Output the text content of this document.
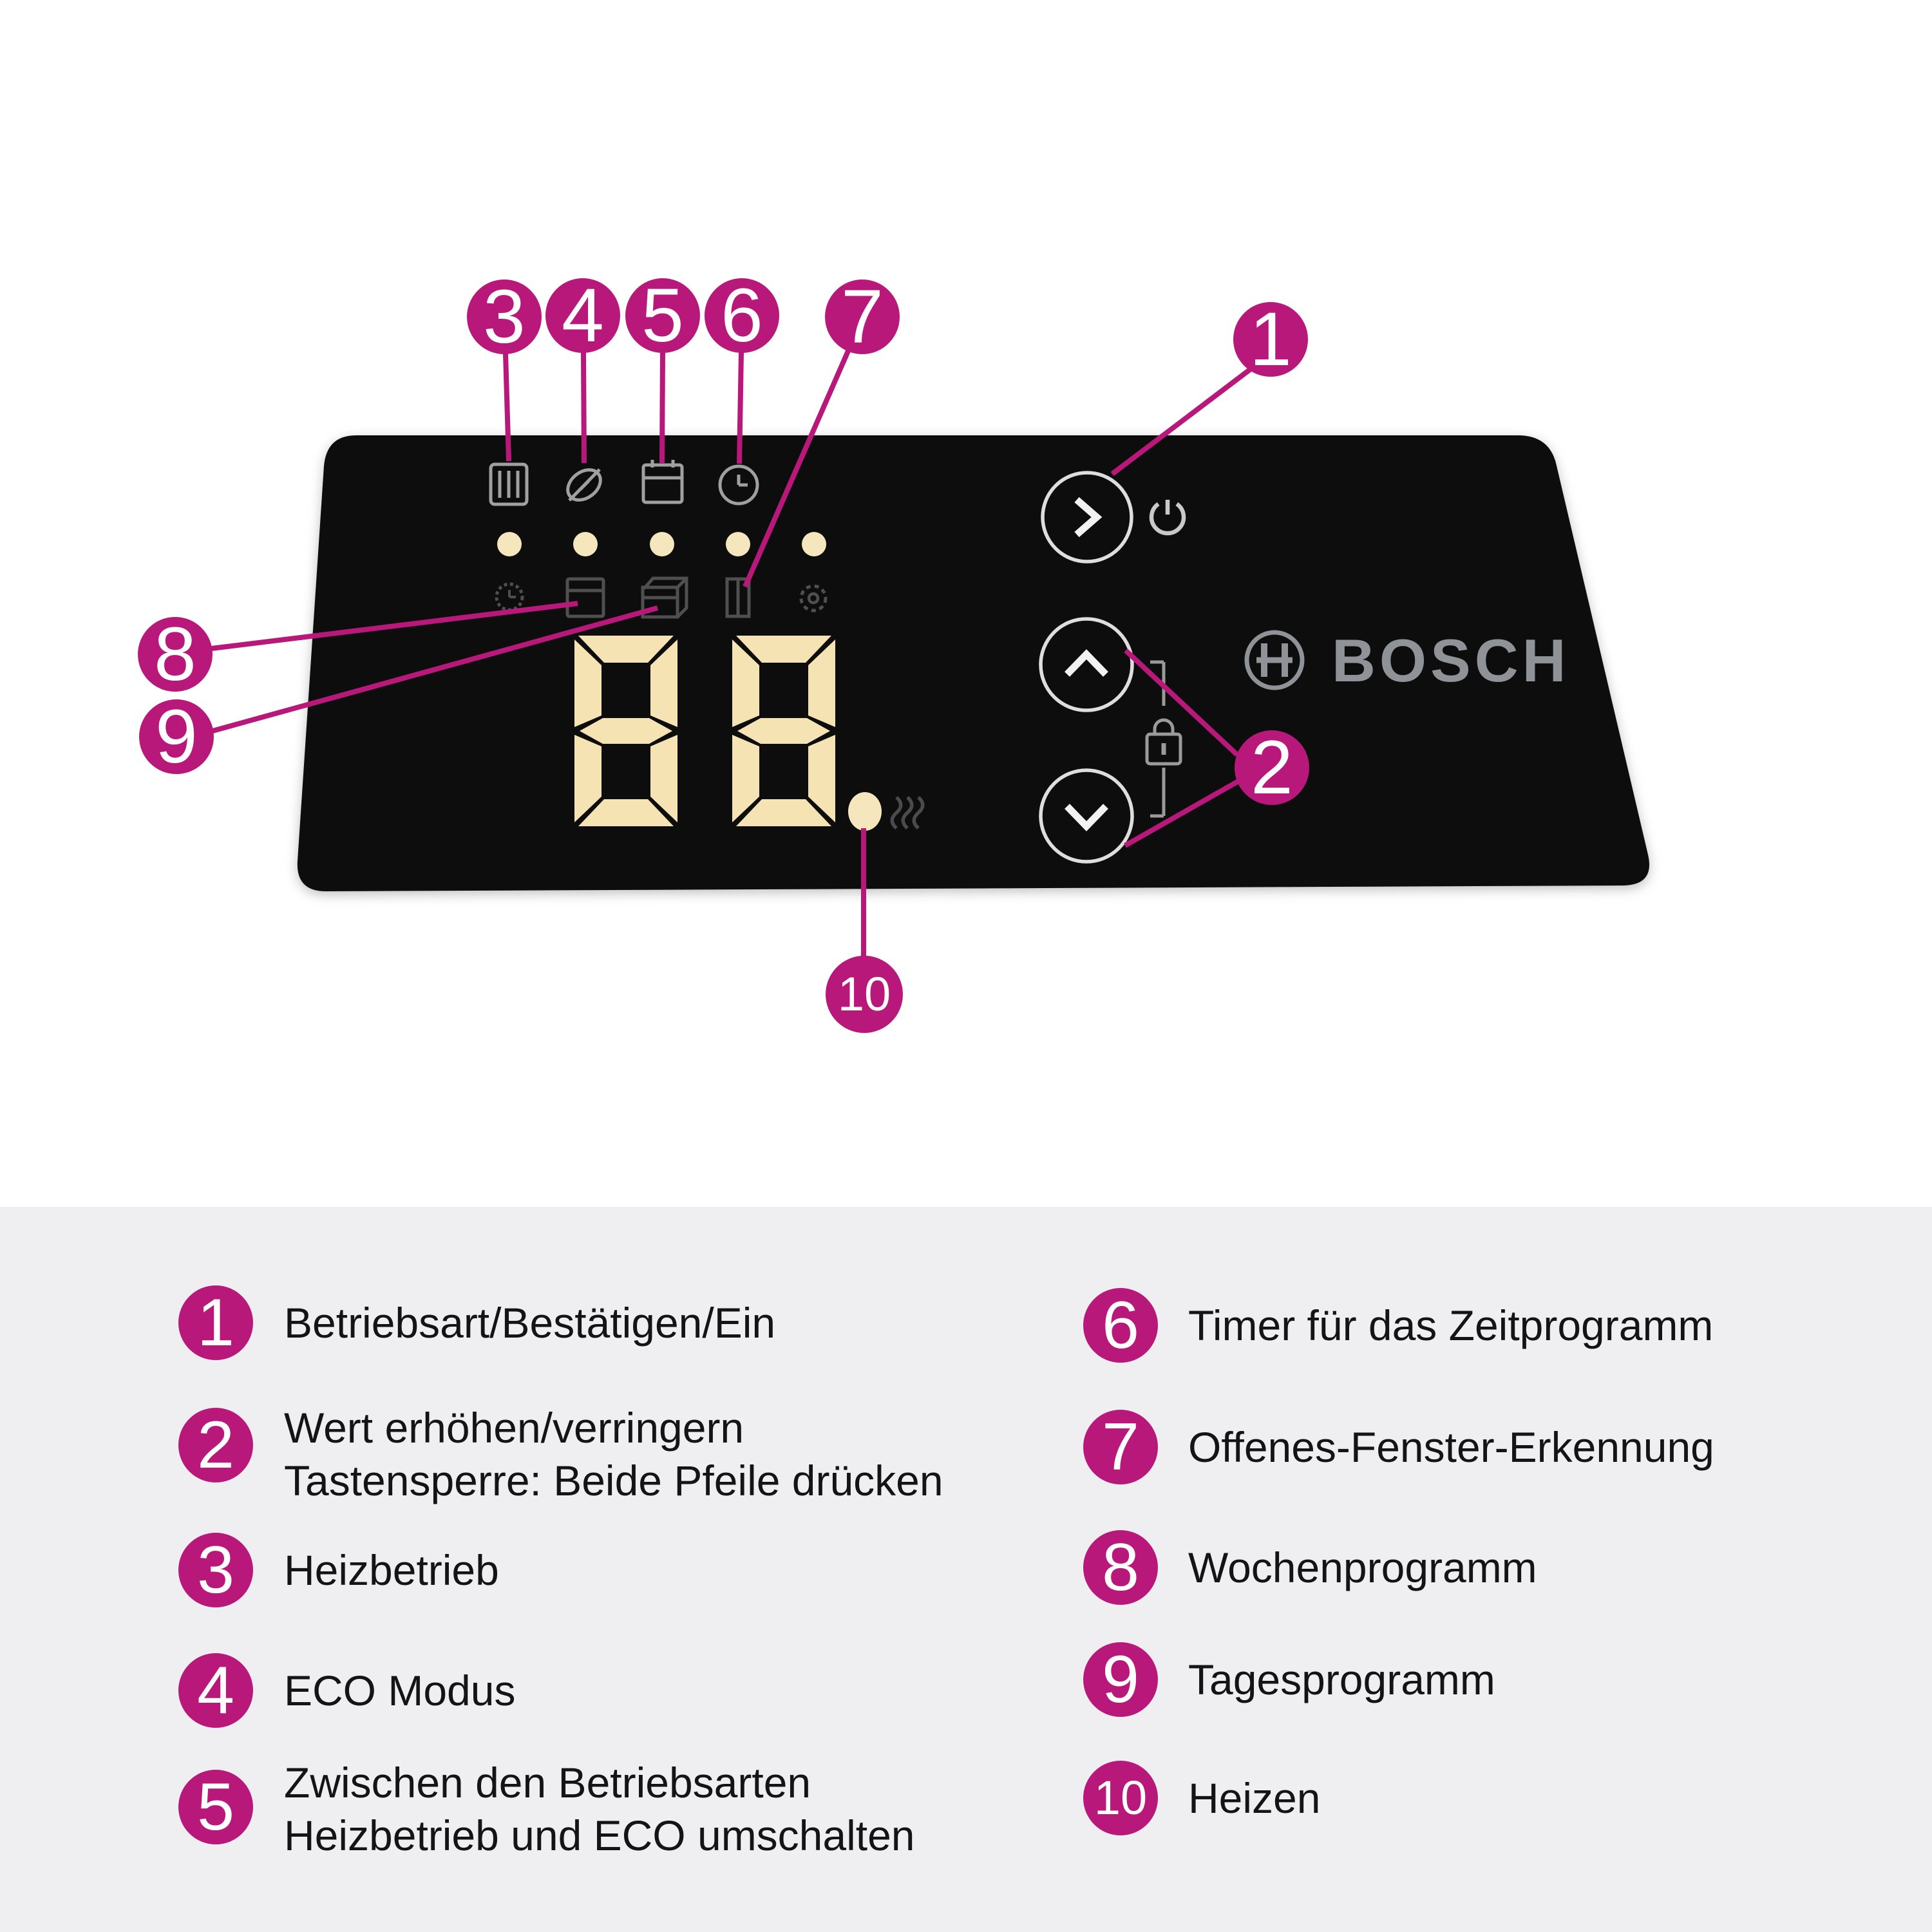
BOSCH
1
2
3 4 5 6 7
8
9
10
1	Betriebsart/Bestätigen/Ein
2	Wert erhöhen/verringern
Tastensperre: Beide Pfeile drücken
3	Heizbetrieb
4	ECO Modus
5	Zwischen den Betriebsarten
Heizbetrieb und ECO umschalten
6	Timer für das Zeitprogramm
7	Offenes-Fenster-Erkennung
8	Wochenprogramm
9	Tagesprogramm
10 Heizen
